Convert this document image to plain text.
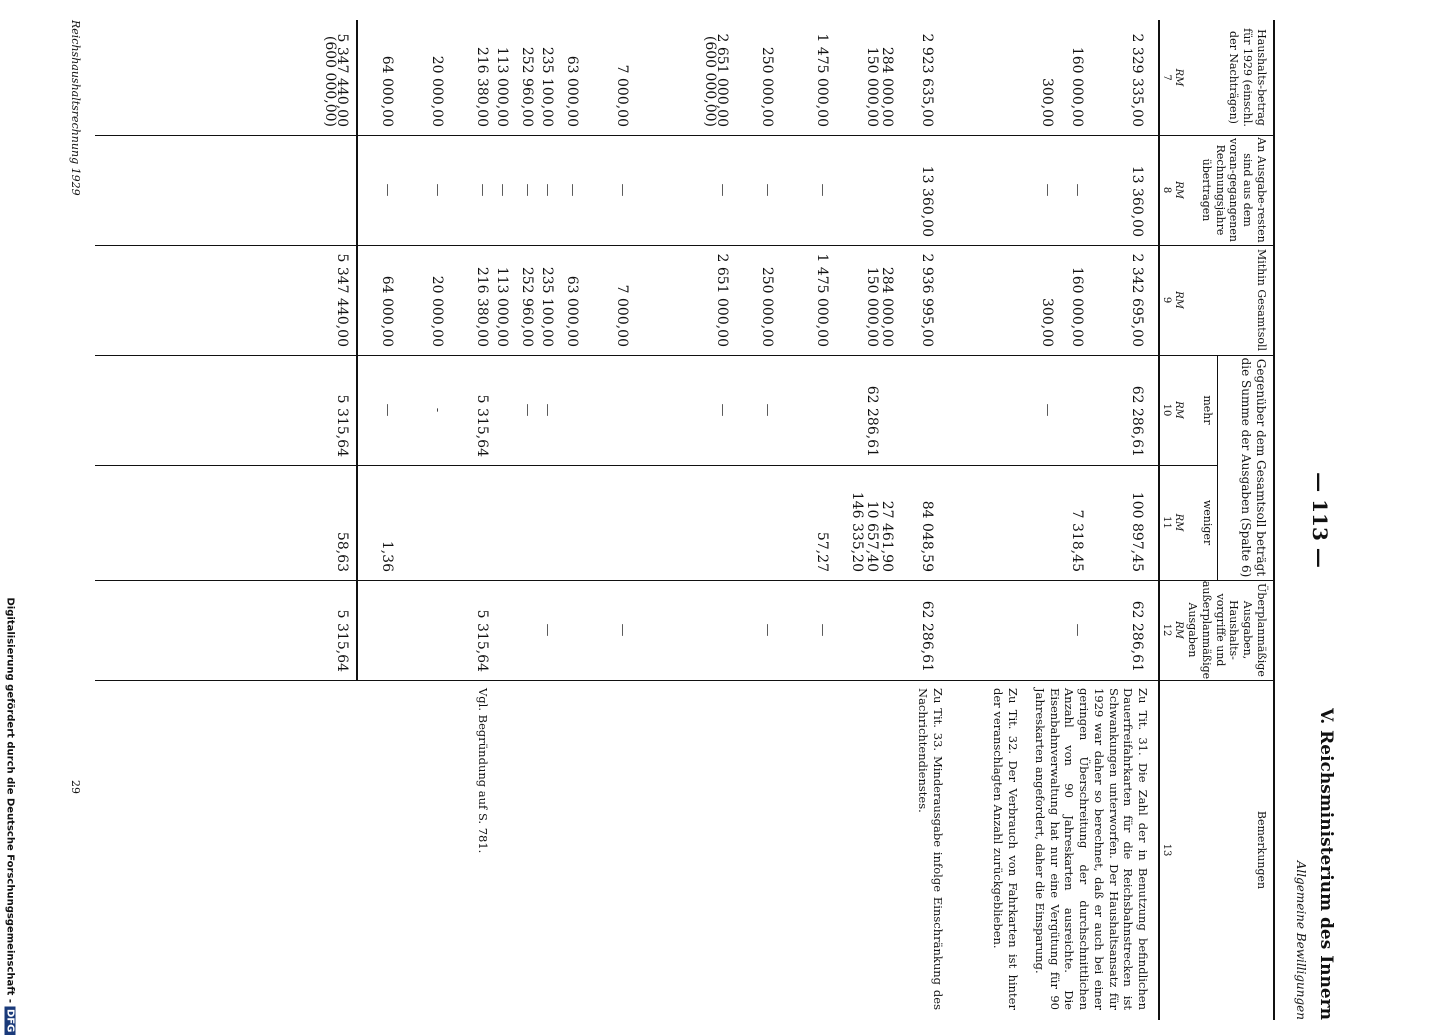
Digitalisierung gefördert durch die Deutsche Forschungsgemeinschaft -DFG
— 113 —
V. Reichsministerium des Innern
Allgemeine Bewilligungen
Haushalts-betrag für 1929 (einschl. der Nachträgen)
RM
7
An Ausgabe-resten sind aus dem voran-gegangenen Rechnungsjahre übertragen
RM
8
Mithin Gesamtsoll
RM
9
mehr
RM
10
weniger
RM
11
Überplanmäßige Ausgaben, Haushalts-vorgriffe und außerplanmäßige Ausgaben
RM
12
Bemerkungen
13
Gegenüber dem Gesamtsoll beträgt die Summe der Ausgaben (Spalte 6)
2 329 335,00
13 360,00
2 342 695,00
62 286,61
100 897,45
62 286,61
160 000,00
—
160 000,00
7 318,45
—
300,00
—
300,00
—
2 923 635,00
13 360,00
2 936 995,00
84 048,59
62 286,61
284 000,00
284 000,00
27 461,90
150 000,00
150 000,00
62 286,61
10 657,40
146 335,20
1 475 000,00
—
1 475 000,00
57,27
—
250 000,00
—
250 000,00
—
—
2 651 000,00
—
2 651 000,00
—
(600 000,00)
7 000,00
—
7 000,00
—
63 000,00
—
63 000,00
235 100,00
—
235 100,00
—
—
252 960,00
—
252 960,00
—
113 000,00
—
113 000,00
216 380,00
—
216 380,00
5 315,64
5 315,64
20 000,00
—
20 000,00
-
64 000,00
—
64 000,00
—
1,36
5 347 440,00
5 347 440,00
5 315,64
58,63
5 315,64
(600 000,00)
Zu Tit. 31. Die Zahl der in Benutzung befindlichen Dauerfreifahrkarten für die Reichsbahnstrecken ist Schwankungen unterworfen. Der Haushaltsansatz für 1929 war daher so berechnet, daß er auch bei einer geringen Überschreitung der durchschnittlichen Anzahl von 90 Jahreskarten ausreichte. Die Eisenbahnverwaltung hat nur eine Vergütung für 90 Jahreskarten angefordert, daher die Einsparung.
Zu Tit. 32. Der Verbrauch von Fahrkarten ist hinter der veranschlagten Anzahl zurückgeblieben.
Zu Tit. 33. Minderausgabe infolge Einschränkung des Nachrichtendienstes.
Vgl. Begründung auf S. 781.
Reichshaushaltsrechnung 1929
29
